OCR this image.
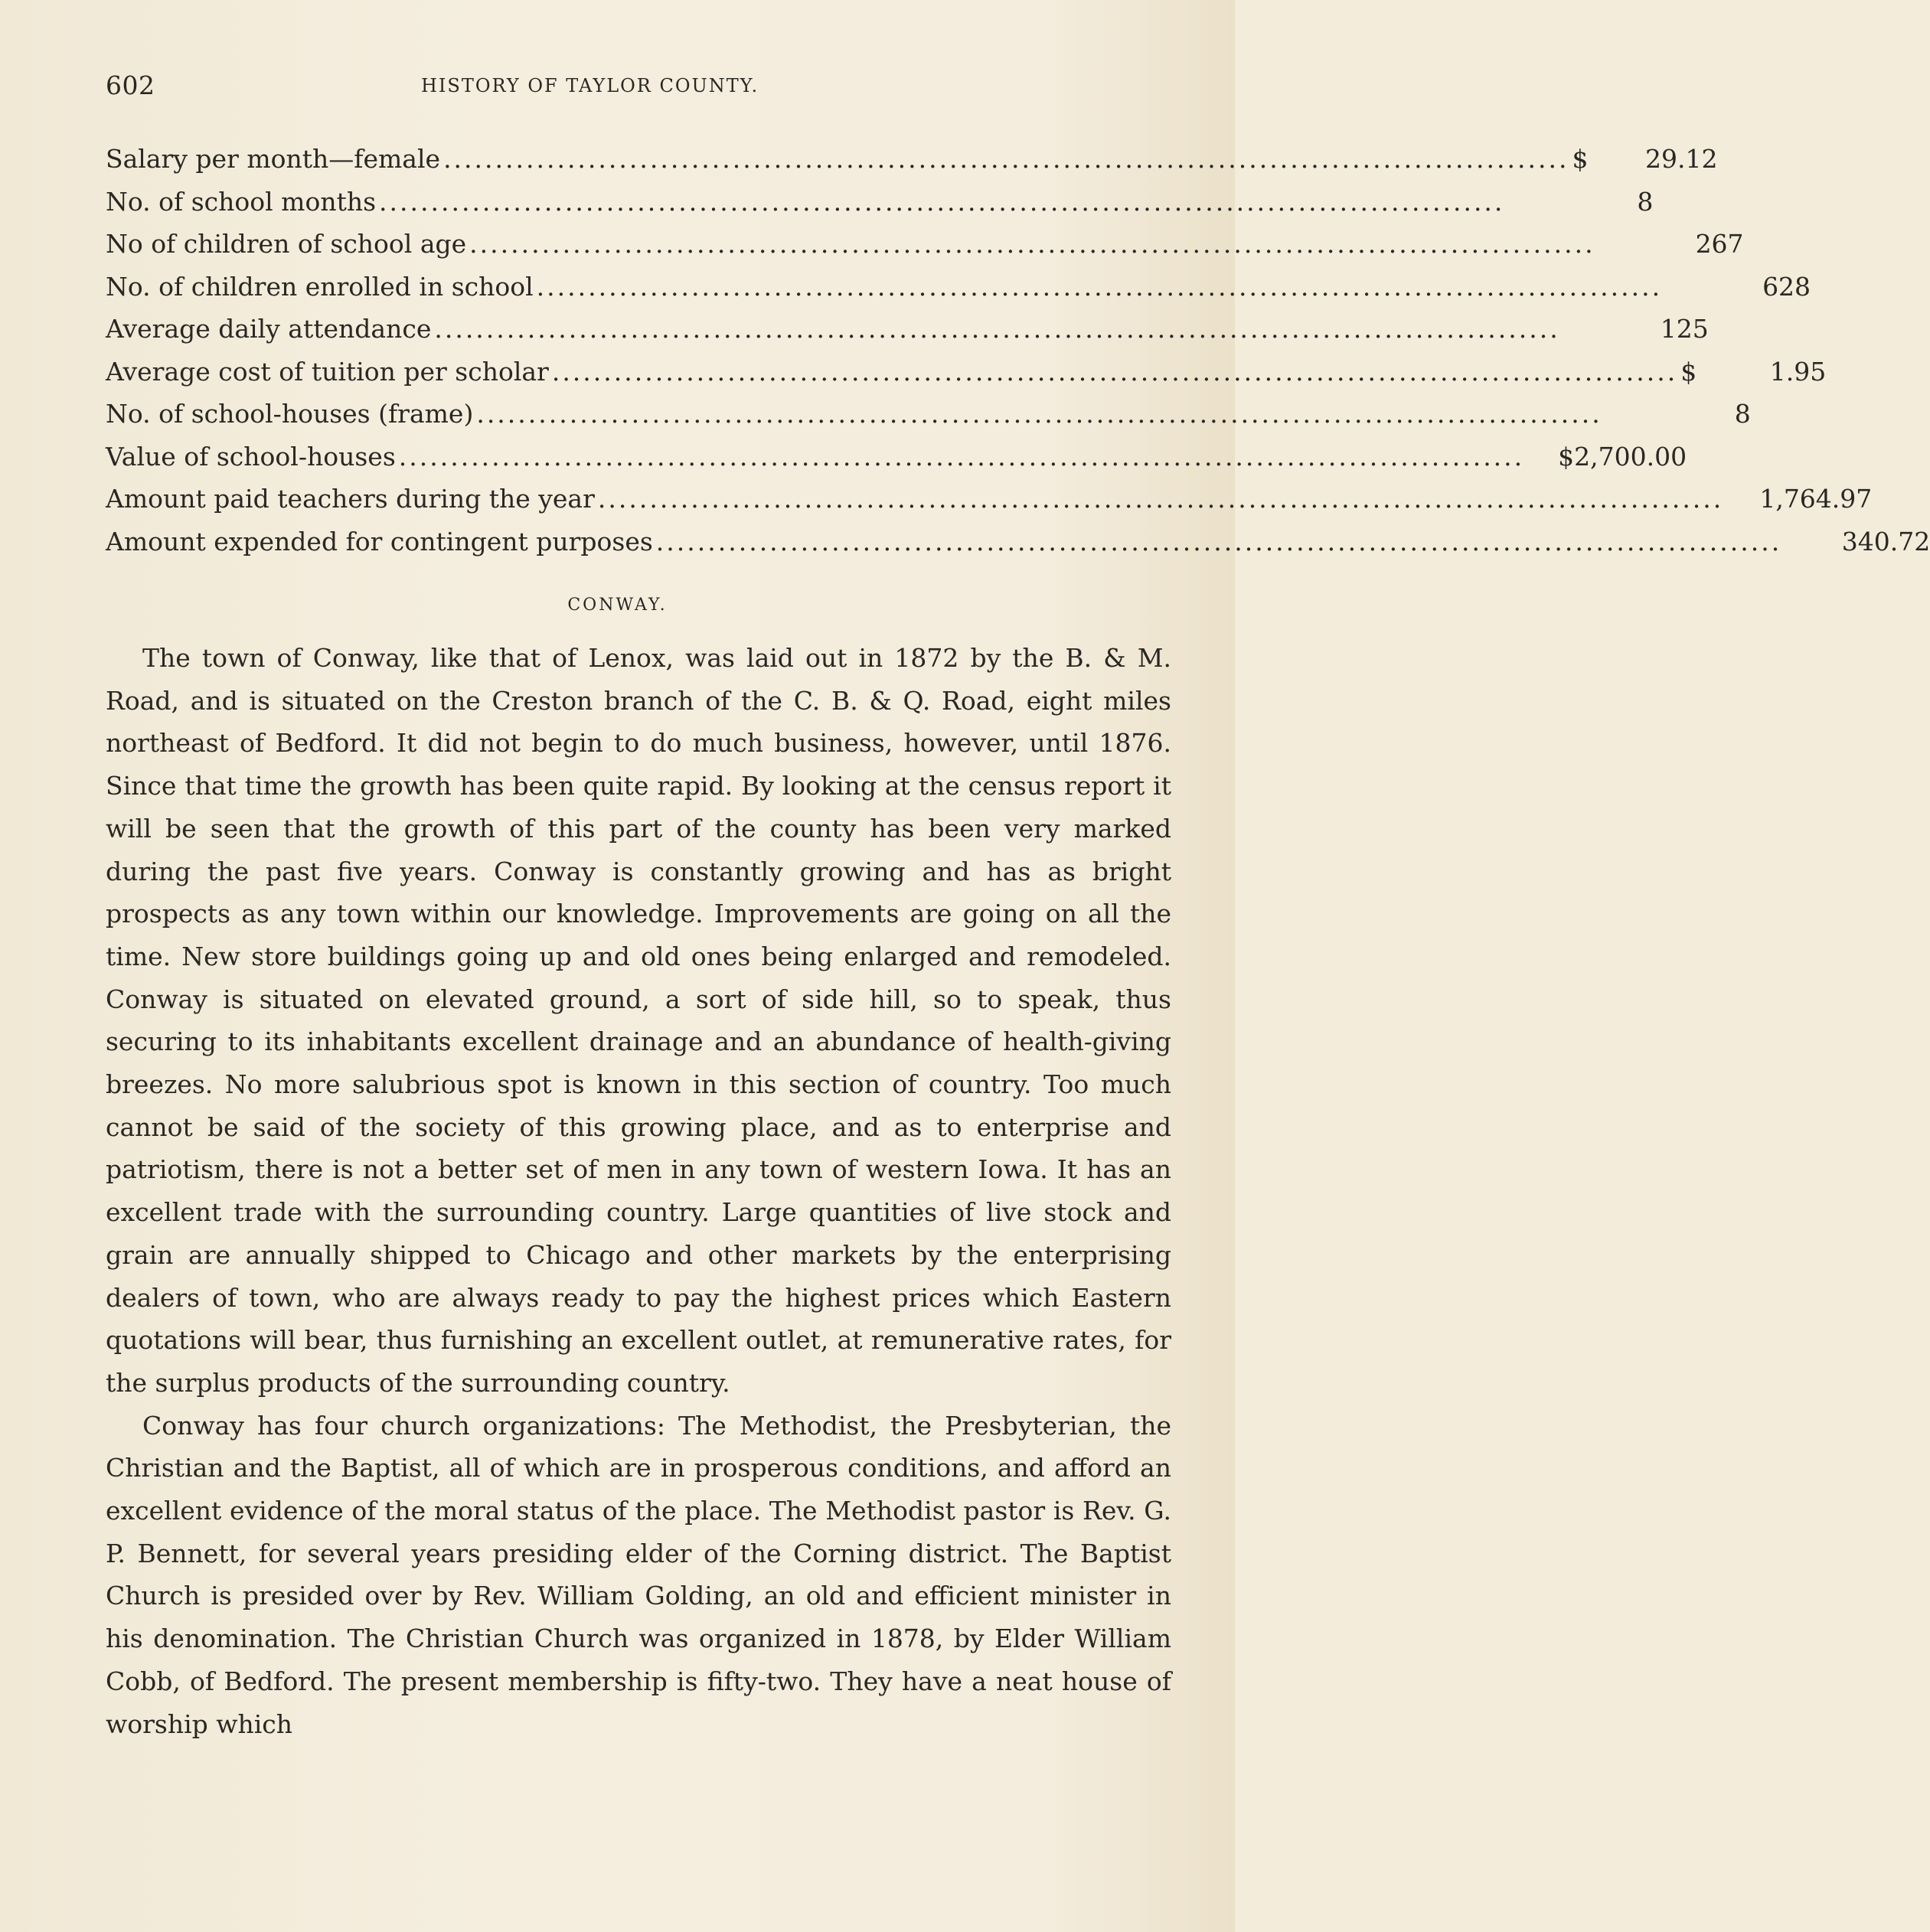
602	HISTORY OF TAYLOR COUNTY.
Salary per month—female ............................................................................................................. $	29.12
No. of school months .............................................................................................................	8
No of children of school age .............................................................................................................	267
No. of children enrolled in school .............................................................................................................	628
Average daily attendance .............................................................................................................	125
Average cost of tuition per scholar ............................................................................................................. $	1.95
No. of school-houses (frame) .............................................................................................................	8
Value of school-houses ............................................................................................................. $2,700.00
Amount paid teachers during the year ............................................................................................................. 1,764.97
Amount expended for contingent purposes .............................................................................................................	340.72
CONWAY.

The town of Conway, like that of Lenox, was laid out in 1872 by the B. & M. Road, and is situated on the Creston branch of the C. B. & Q. Road, eight miles northeast of Bedford. It did not begin to do much business, however, until 1876. Since that time the growth has been quite rapid. By looking at the census report it will be seen that the growth of this part of the county has been very marked during the past five years. Conway is constantly growing and has as bright prospects as any town within our knowledge. Improvements are going on all the time. New store buildings going up and old ones being enlarged and remodeled. Conway is situated on elevated ground, a sort of side hill, so to speak, thus securing to its inhabitants excellent drainage and an abundance of health-giving breezes. No more salubrious spot is known in this section of country. Too much cannot be said of the society of this growing place, and as to enterprise and patriotism, there is not a better set of men in any town of western Iowa. It has an excellent trade with the surrounding country. Large quantities of live stock and grain are annually shipped to Chicago and other markets by the enterprising dealers of town, who are always ready to pay the highest prices which Eastern quotations will bear, thus furnishing an excellent outlet, at remunerative rates, for the surplus products of the surrounding country.

Conway has four church organizations: The Methodist, the Presbyterian, the Christian and the Baptist, all of which are in prosperous conditions, and afford an excellent evidence of the moral status of the place. The Methodist pastor is Rev. G. P. Bennett, for several years presiding elder of the Corning district. The Baptist Church is presided over by Rev. William Golding, an old and efficient minister in his denomination. The Christian Church was organized in 1878, by Elder William Cobb, of Bedford. The present membership is fifty-two. They have a neat house of worship which
